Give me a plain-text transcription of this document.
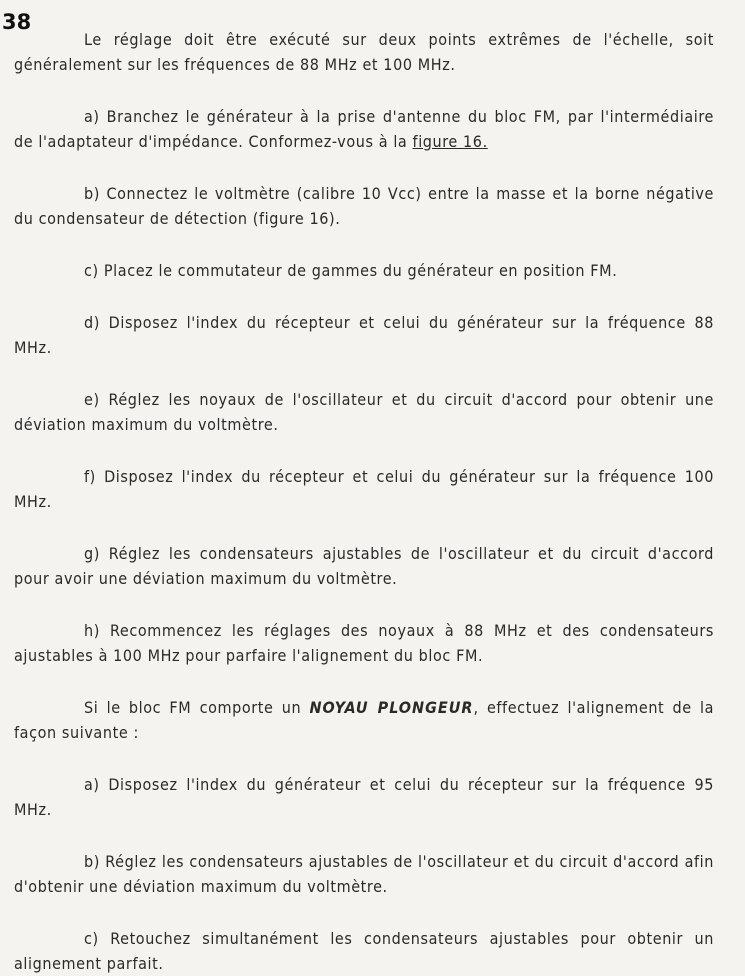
38

Le réglage doit être exécuté sur deux points extrêmes de l'échelle, soit généralement sur les fréquences de 88 MHz et 100 MHz.

a) Branchez le générateur à la prise d'antenne du bloc FM, par l'intermédiaire de l'adaptateur d'impédance. Conformez-vous à la figure 16.

b) Connectez le voltmètre (calibre 10 Vcc) entre la masse et la borne négative du condensateur de détection (figure 16).

c) Placez le commutateur de gammes du générateur en position FM.

d) Disposez l'index du récepteur et celui du générateur sur la fréquence 88 MHz.

e) Réglez les noyaux de l'oscillateur et du circuit d'accord pour obtenir une déviation maximum du voltmètre.

f) Disposez l'index du récepteur et celui du générateur sur la fréquence 100 MHz.

g) Réglez les condensateurs ajustables de l'oscillateur et du circuit d'accord pour avoir une déviation maximum du voltmètre.

h) Recommencez les réglages des noyaux à 88 MHz et des condensateurs ajustables à 100 MHz pour parfaire l'alignement du bloc FM.

Si le bloc FM comporte un NOYAU PLONGEUR, effectuez l'alignement de la façon suivante :

a) Disposez l'index du générateur et celui du récepteur sur la fréquence 95 MHz.

b) Réglez les condensateurs ajustables de l'oscillateur et du circuit d'accord afin d'obtenir une déviation maximum du voltmètre.

c) Retouchez simultanément les condensateurs ajustables pour obtenir un alignement parfait.
